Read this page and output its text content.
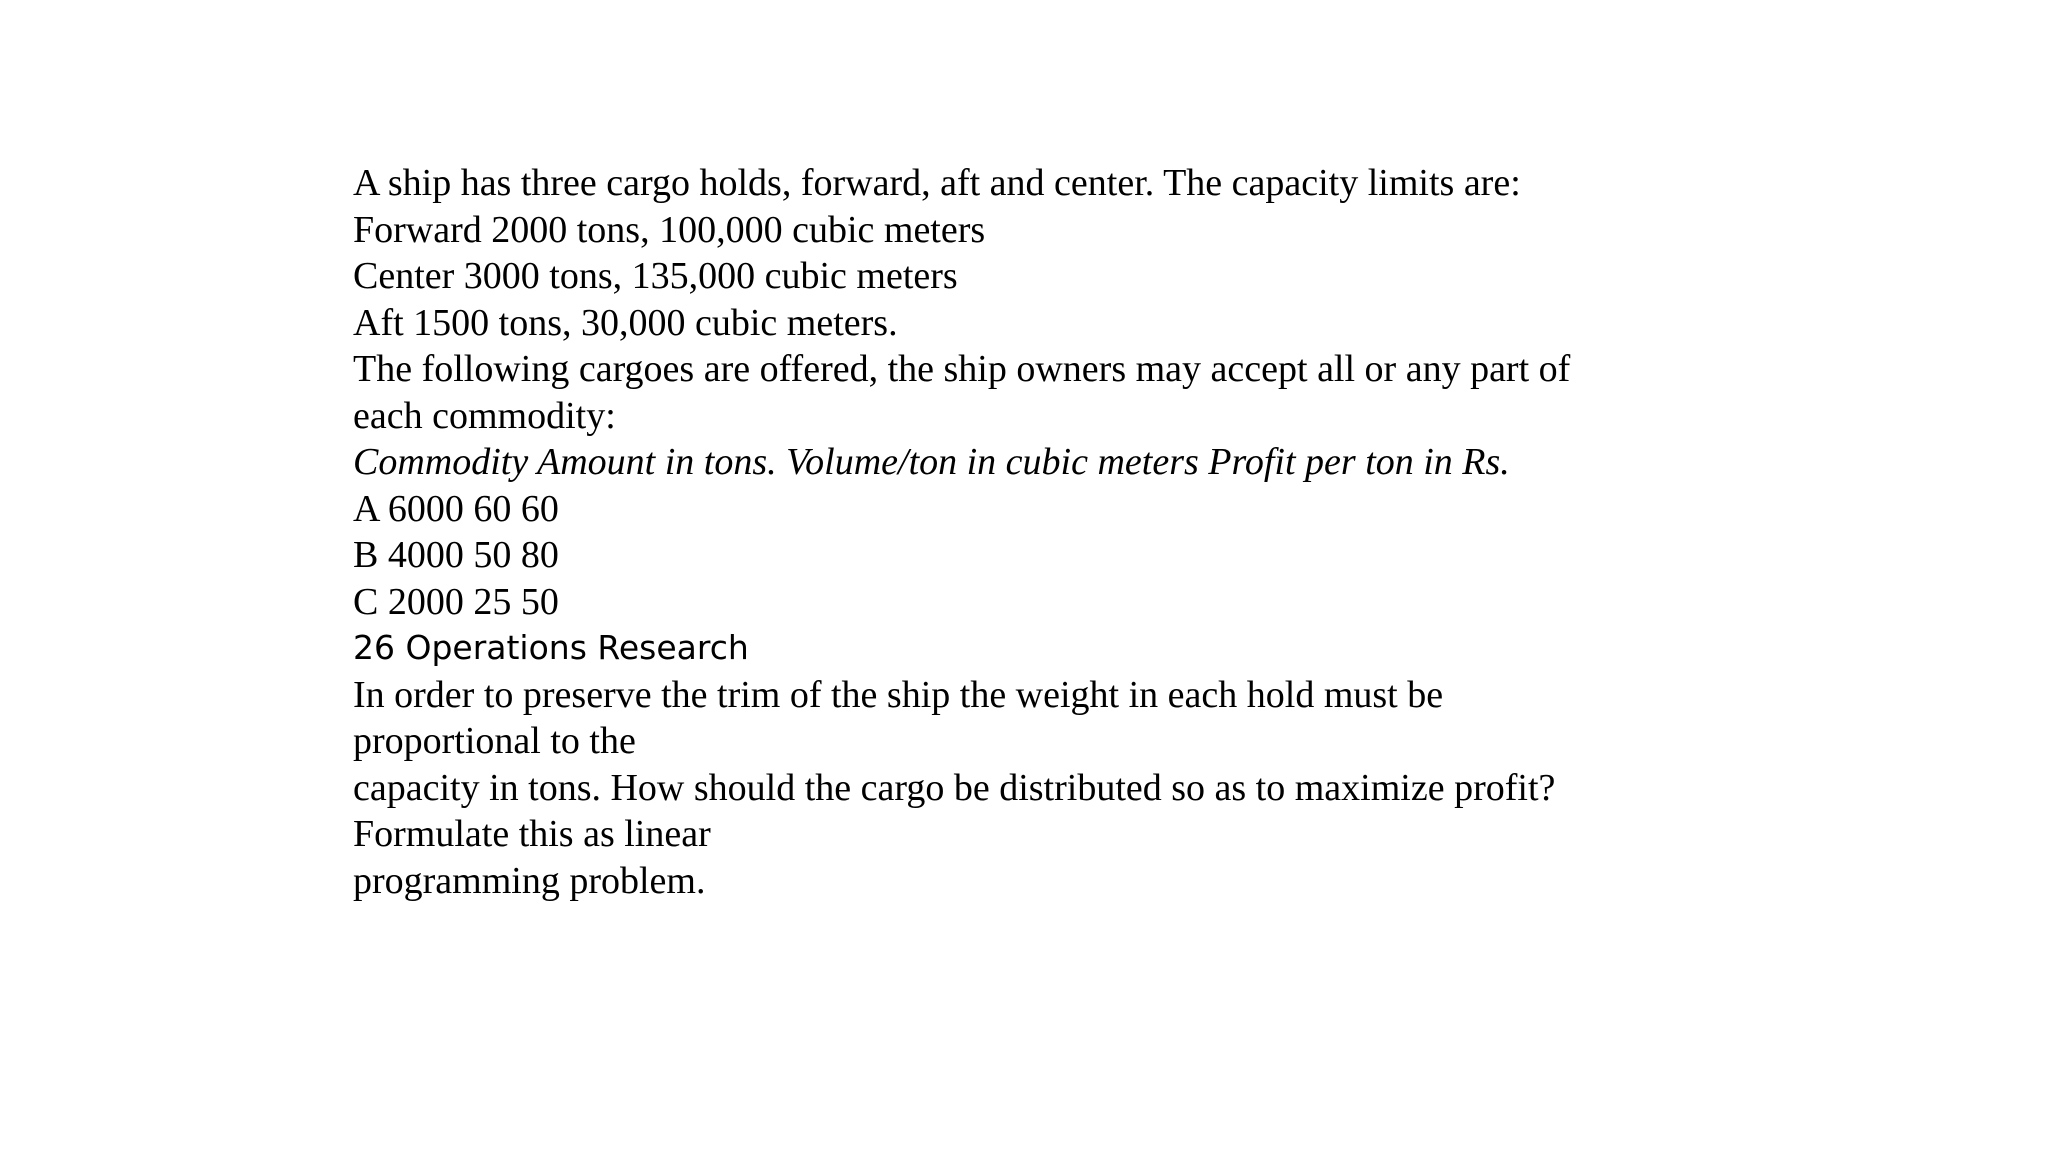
A ship has three cargo holds, forward, aft and center. The capacity limits are:
Forward 2000 tons, 100,000 cubic meters
Center 3000 tons, 135,000 cubic meters
Aft 1500 tons, 30,000 cubic meters.
The following cargoes are offered, the ship owners may accept all or any part of
each commodity:
Commodity Amount in tons. Volume/ton in cubic meters Profit per ton in Rs.
A 6000 60 60
B 4000 50 80
C 2000 25 50
26 Operations Research
In order to preserve the trim of the ship the weight in each hold must be
proportional to the
capacity in tons. How should the cargo be distributed so as to maximize profit?
Formulate this as linear
programming problem.
